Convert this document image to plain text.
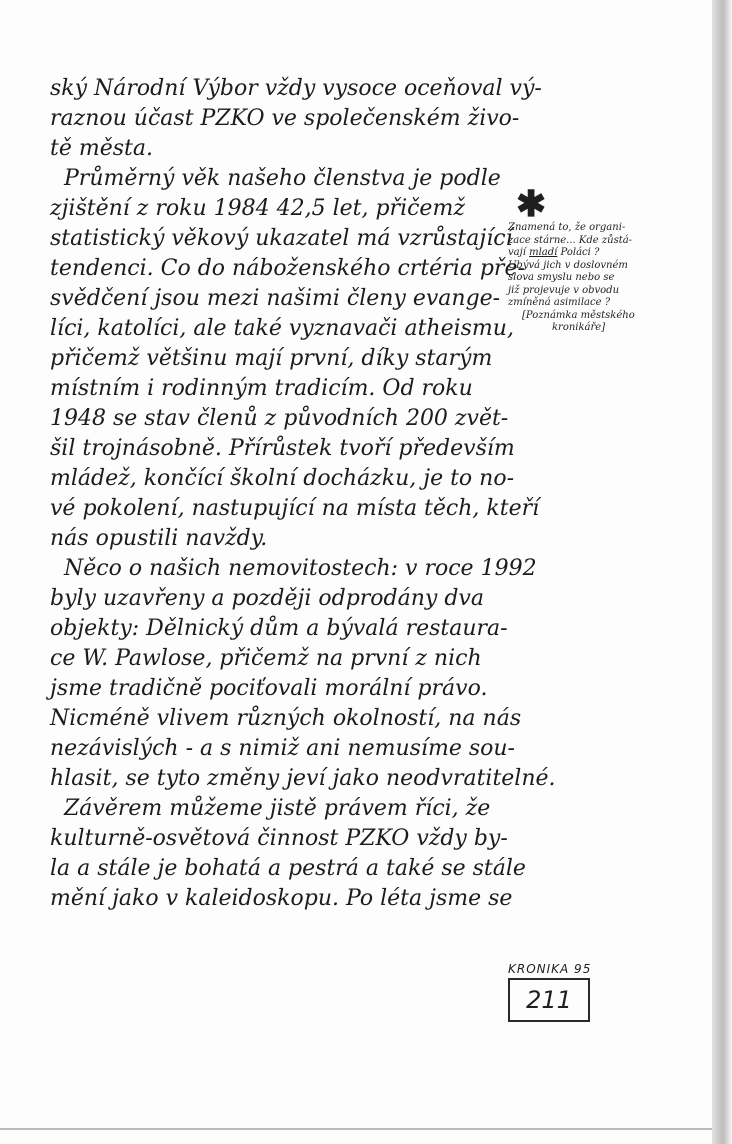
ský Národní Výbor vždy vysoce oceňoval vý-
raznou účast PZKO ve společenském živo-
tě města.
Průměrný věk našeho členstva je podle
zjištění z roku 1984 42,5 let, přičemž
statistický věkový ukazatel má vzrůstající
tendenci. Co do náboženského crtéria pře-
svědčení jsou mezi našimi členy evange-
líci, katolíci, ale také vyznavači atheismu,
přičemž většinu mají první, díky starým
místním i rodinným tradicím. Od roku
1948 se stav členů z původních 200 zvět-
šil trojnásobně. Přírůstek tvoří především
mládež, končící školní docházku, je to no-
vé pokolení, nastupující na místa těch, kteří
nás opustili navždy.
Něco o našich nemovitostech: v roce 1992
byly uzavřeny a později odprodány dva
objekty: Dělnický dům a bývalá restaura-
ce W. Pawlose, přičemž na první z nich
jsme tradičně pociťovali morální právo.
Nicméně vlivem různých okolností, na nás
nezávislých - a s nimiž ani nemusíme sou-
hlasit, se tyto změny jeví jako neodvratitelné.
Závěrem můžeme jistě právem říci, že
kulturně-osvětová činnost PZKO vždy by-
la a stále je bohatá a pestrá a také se stále
mění jako v kaleidoskopu. Po léta jsme se
✱
Znamená to, že organi-
zace stárne... Kde zůstá-
vají mladí Poláci ?
Ubývá jich v doslovném
slova smyslu nebo se
již projevuje v obvodu
zmíněná asimilace ?
[Poznámka městského
kronikáře]
KRONIKA 95
211
